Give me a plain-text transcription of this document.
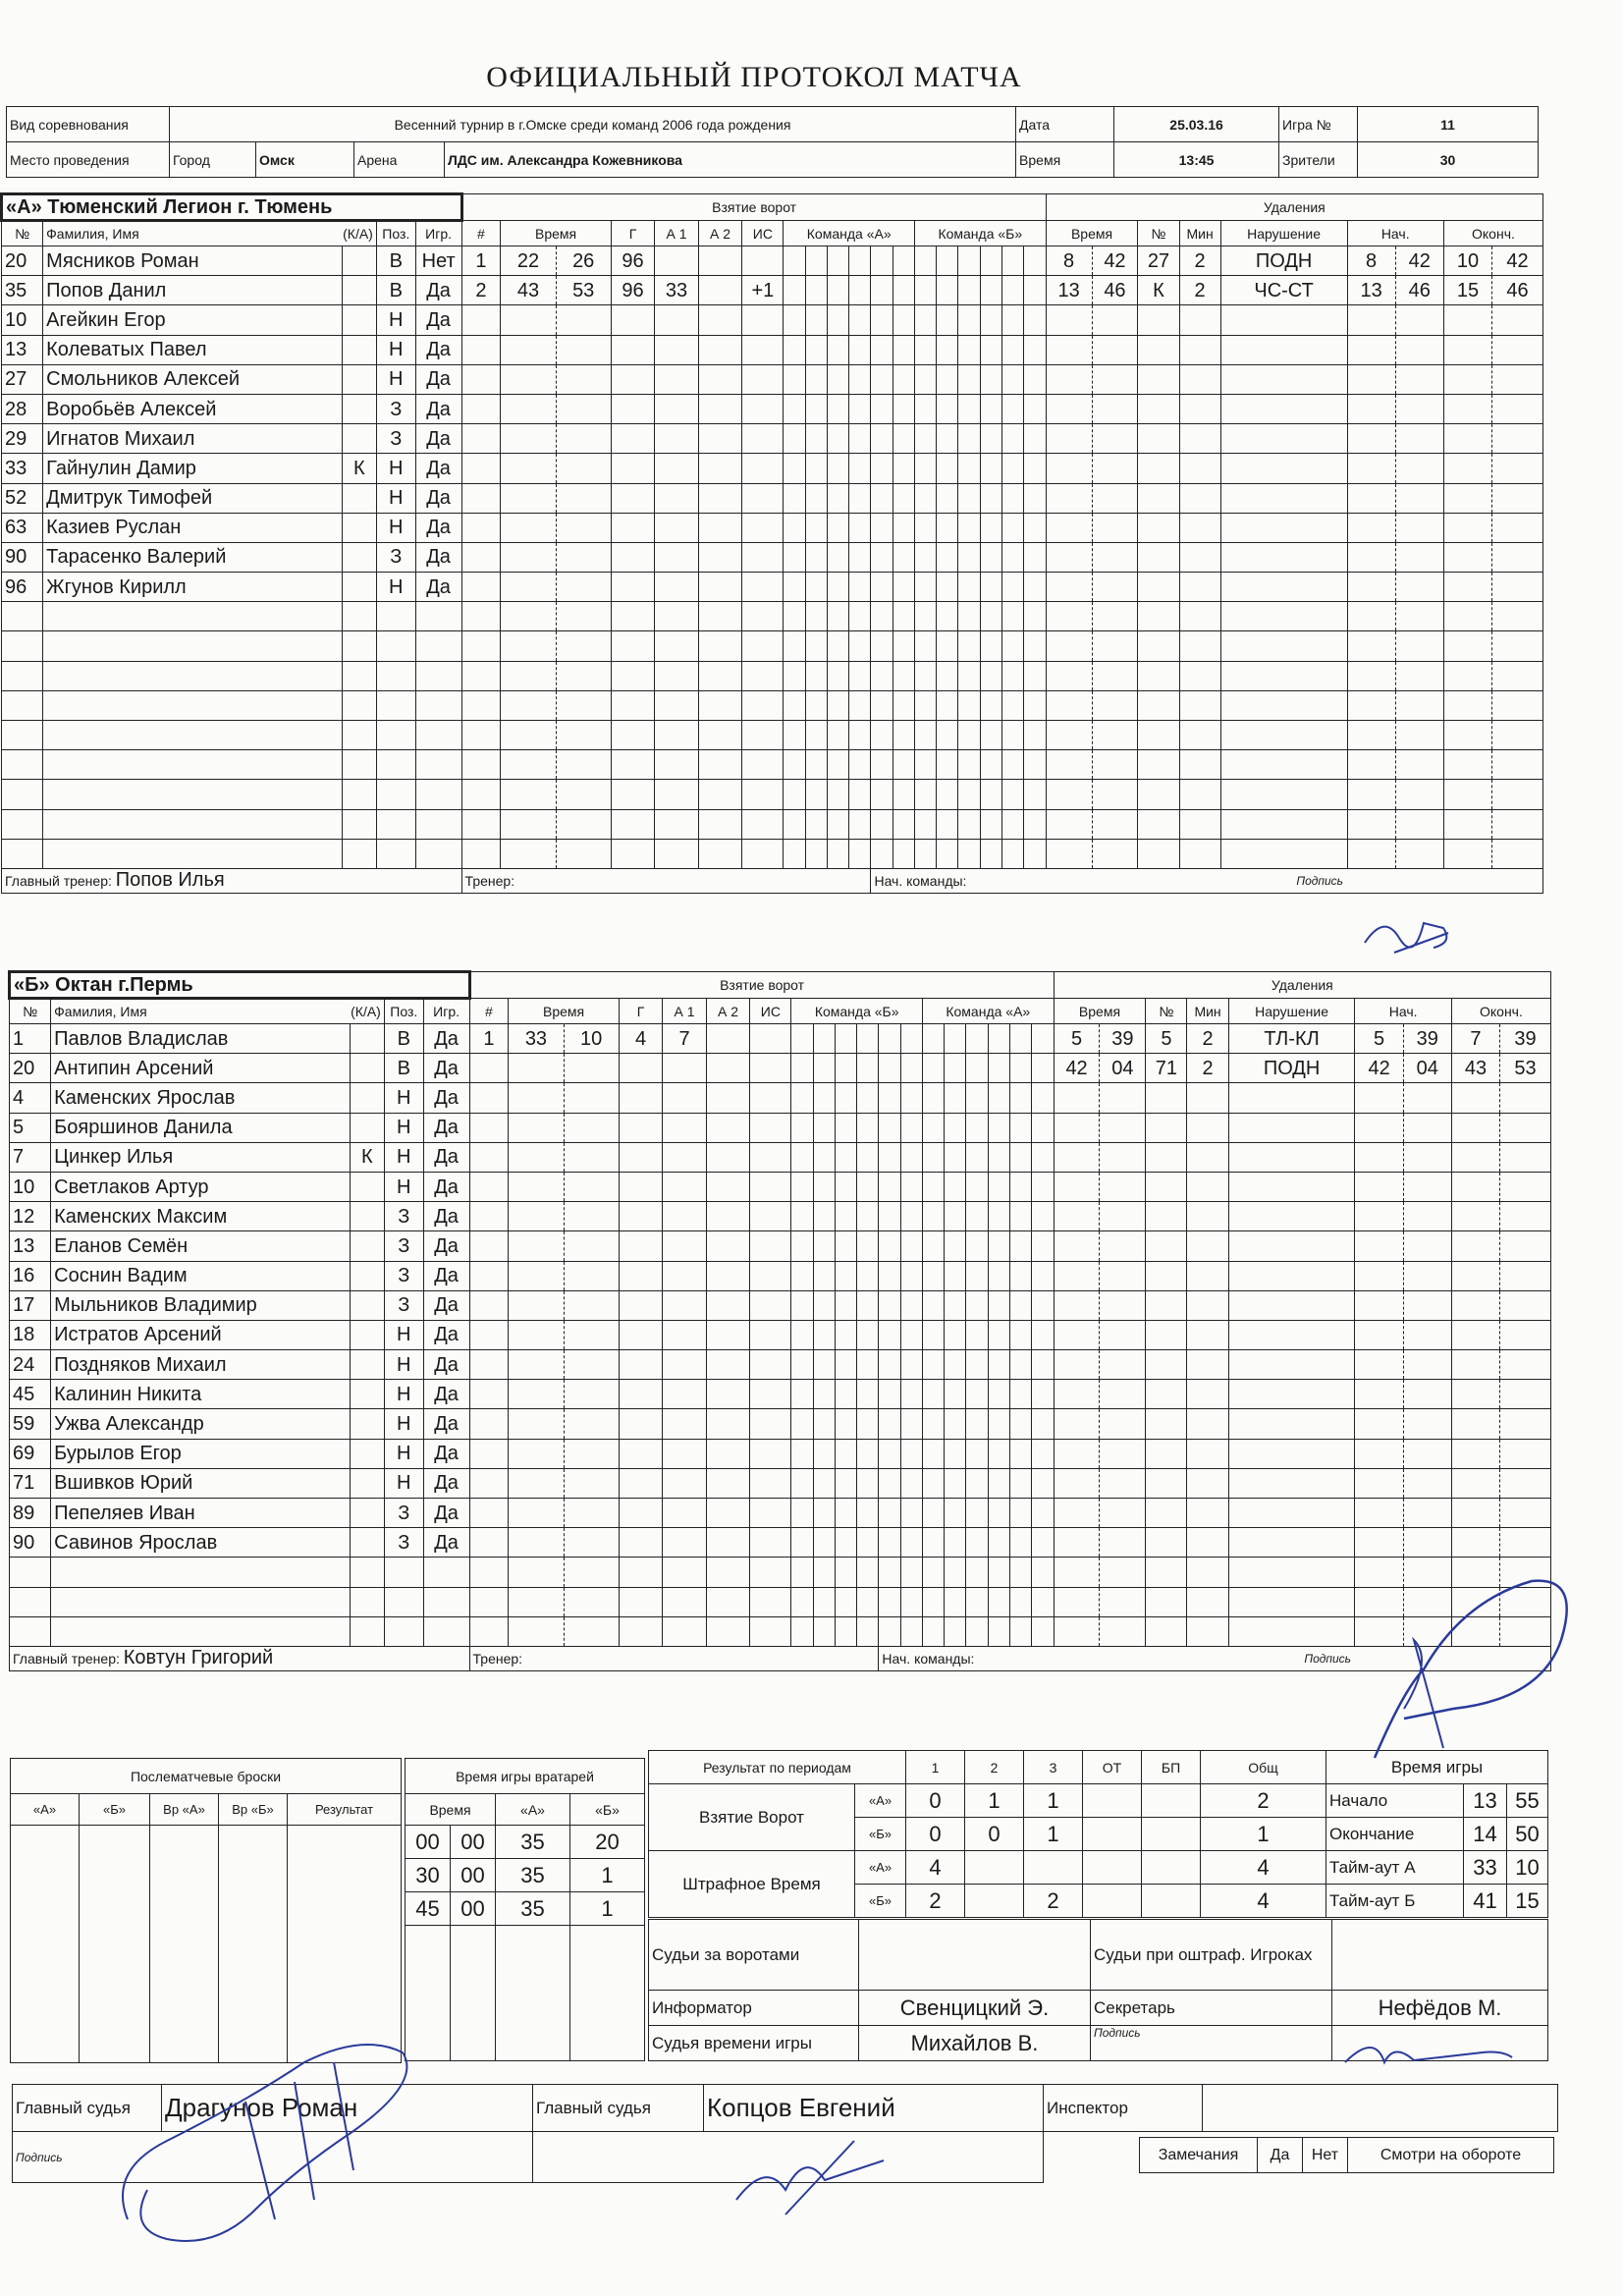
ОФИЦИАЛЬНЫЙ ПРОТОКОЛ МАТЧА
Вид соревнования	Весенний турнир в г.Омске среди команд 2006 года рождения				Дата	25.03.16	Игра №	11
Место проведения	Город	Омск	Арена	ЛДС им. Александра Кожевникова	Время	13:45	Зрители	30
«А» Тюменский Легион г. Тюмень					Взятие ворот																			Удаления								
№	Фамилия, Имя (К/А)		Поз.	Игр.	#	Время		Г	А 1	А 2	ИС	Команда «А»						Команда «Б»						Время		№	Мин	Нарушение	Нач.		Оконч.	
20	Мясников Роман		В	Нет	1	22	26	96																8	42	27	2	ПОДН	8	42	10	42
35	Попов Данил		В	Да	2	43	53	96	33		+1													13	46	К	2	ЧС-СТ	13	46	15	46
10	Агейкин Егор		Н	Да																												
13	Колеватых Павел		Н	Да																												
27	Смольников Алексей		Н	Да																												
28	Воробьёв Алексей		З	Да																												
29	Игнатов Михаил		З	Да																												
33	Гайнулин Дамир	К	Н	Да																												
52	Дмитрук Тимофей		Н	Да																												
63	Казиев Руслан		Н	Да																												
90	Тарасенко Валерий		З	Да																												
96	Жгунов Кирилл		Н	Да																												

Главный тренер: Попов Илья					Тренер:											Нач. команды: Подпись																
«Б» Октан г.Пермь					Взятие ворот																			Удаления								
№	Фамилия, Имя (К/А)		Поз.	Игр.	#	Время		Г	А 1	А 2	ИС	Команда «Б»						Команда «А»						Время		№	Мин	Нарушение	Нач.		Оконч.	
1	Павлов Владислав		В	Да	1	33	10	4	7															5	39	5	2	ТЛ-КЛ	5	39	7	39
20	Антипин Арсений		В	Да																				42	04	71	2	ПОДН	42	04	43	53
4	Каменских Ярослав		Н	Да																												
5	Бояршинов Данила		Н	Да																												
7	Цинкер Илья	К	Н	Да																												
10	Светлаков Артур		Н	Да																												
12	Каменских Максим		З	Да																												
13	Еланов Семён		З	Да																												
16	Соснин Вадим		З	Да																												
17	Мыльников Владимир		З	Да																												
18	Истратов Арсений		Н	Да																												
24	Поздняков Михаил		Н	Да																												
45	Калинин Никита		Н	Да																												
59	Ужва Александр		Н	Да																												
69	Бурылов Егор		Н	Да																												
71	Вшивков Юрий		Н	Да																												
89	Пепеляев Иван		З	Да																												
90	Савинов Ярослав		З	Да																												

Главный тренер: Ковтун Григорий					Тренер:											Нач. команды: Подпись																
Послематчевые броски				
«А»	«Б»	Вр «А»	Вр «Б»	Результат

Время игры вратарей			
Время		«А»	«Б»
00	00	35	20
30	00	35	1
45	00	35	1

Результат по периодам		1	2	3	ОТ	БП	Общ
Взятие Ворот	«А»	0	1	1			2
	«Б»	0	0	1			1
Штрафное Время	«А»	4					4
	«Б»	2		2			4
Время игры		
Начало	13	55
Окончание	14	50
Тайм-аут А	33	10
Тайм-аут Б	41	15
Судьи за воротами		Судьи при оштраф. Игроках	
Информатор	Свенцицкий Э.	Секретарь	Нефёдов М.
Судья времени игры	Михайлов В.	Подпись	
Главный судья	Драгунов Роман	Главный судья	Копцов Евгений
Подпись			
Инспектор	
Замечания	Да	Нет	Смотри на обороте
